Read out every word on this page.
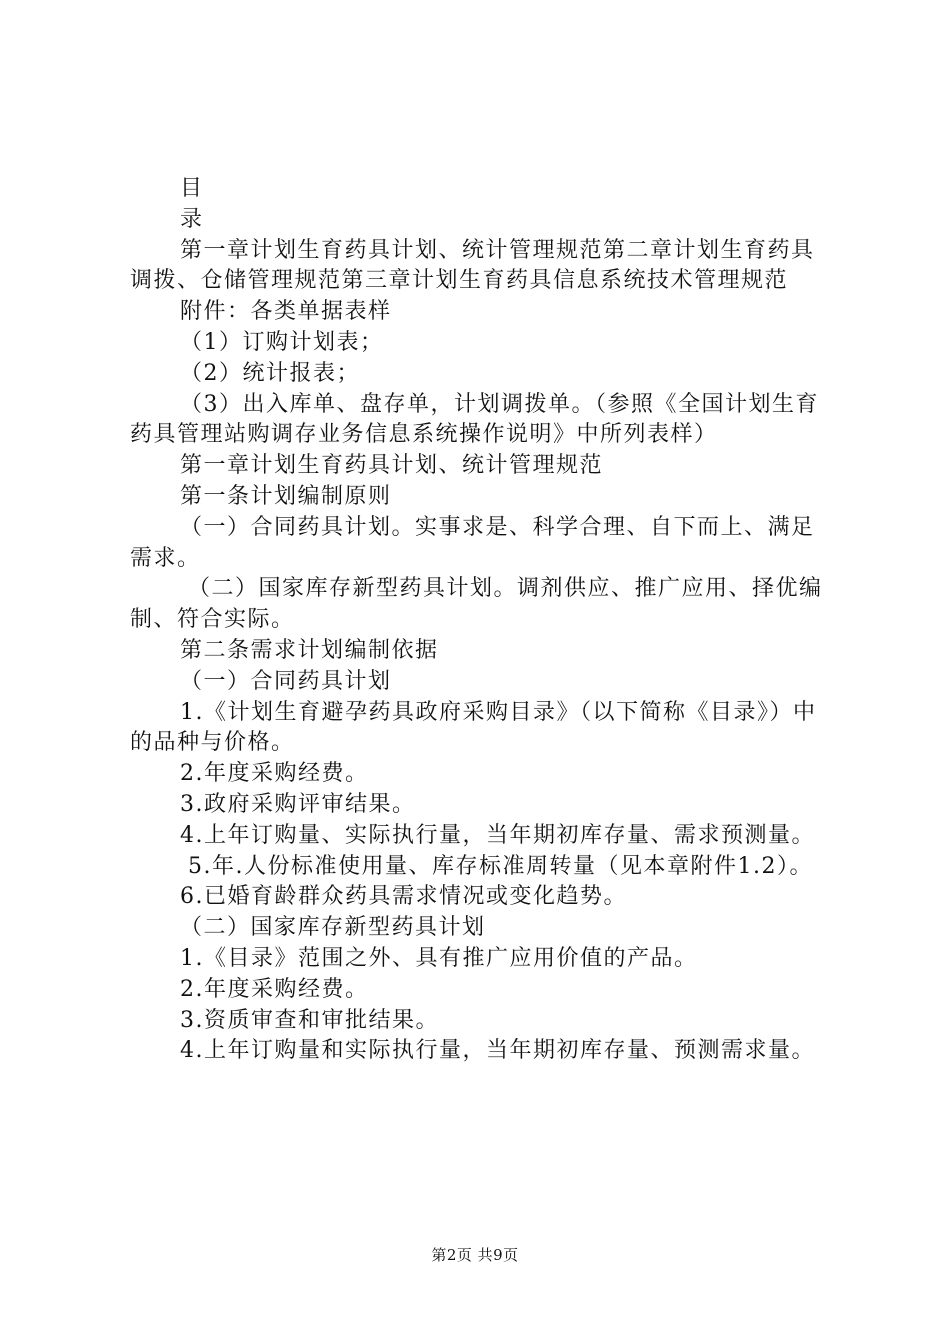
目

录

第一章计划生育药具计划、统计管理规范第二章计划生育药具调拨、仓储管理规范第三章计划生育药具信息系统技术管理规范

附件：各类单据表样

（1）订购计划表；

（2）统计报表；

（3）出入库单、盘存单，计划调拨单。（参照《全国计划生育药具管理站购调存业务信息系统操作说明》中所列表样）

第一章计划生育药具计划、统计管理规范

第一条计划编制原则

（一）合同药具计划。实事求是、科学合理、自下而上、满足需求。

（二）国家库存新型药具计划。调剂供应、推广应用、择优编制、符合实际。

第二条需求计划编制依据

（一）合同药具计划

1.《计划生育避孕药具政府采购目录》（以下简称《目录》）中的品种与价格。

2.年度采购经费。

3.政府采购评审结果。

4.上年订购量、实际执行量，当年期初库存量、需求预测量。

5.年.人份标准使用量、库存标准周转量（见本章附件1.2）。

6.已婚育龄群众药具需求情况或变化趋势。

（二）国家库存新型药具计划

1.《目录》范围之外、具有推广应用价值的产品。

2.年度采购经费。

3.资质审查和审批结果。

4.上年订购量和实际执行量，当年期初库存量、预测需求量。

第2页 共9页
